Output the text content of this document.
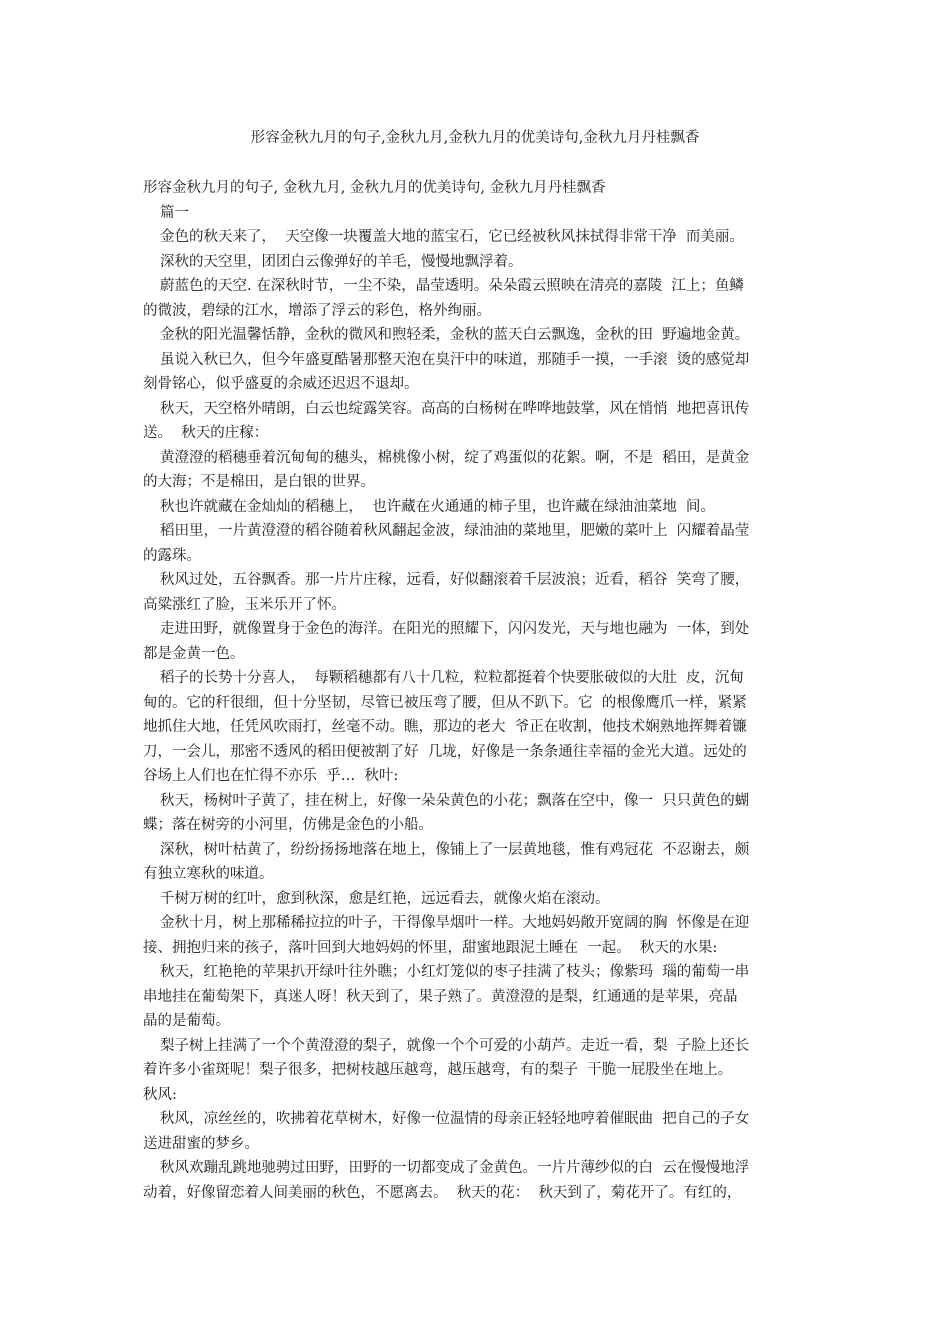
形容金秋九月的句子,金秋九月,金秋九月的优美诗句,金秋九月丹桂飘香

形容金秋九月的句子, 金秋九月, 金秋九月的优美诗句, 金秋九月丹桂飘香

篇一

金色的秋天来了，  天空像一块覆盖大地的蓝宝石，它已经被秋风抹拭得非常干净  而美丽。

深秋的天空里，团团白云像弹好的羊毛，慢慢地飘浮着。

蔚蓝色的天空. 在深秋时节，一尘不染，晶莹透明。朵朵霞云照映在清亮的嘉陵  江上；鱼鳞

的微波，碧绿的江水，增添了浮云的彩色，格外绚丽。

金秋的阳光温馨恬静，金秋的微风和煦轻柔，金秋的蓝天白云飘逸，金秋的田  野遍地金黄。

虽说入秋已久，但今年盛夏酷暑那整天泡在臭汗中的味道，那随手一摸，一手滚  烫的感觉却

刻骨铭心，似乎盛夏的余威还迟迟不退却。

秋天，天空格外晴朗，白云也绽露笑容。高高的白杨树在哗哗地鼓掌，风在悄悄  地把喜讯传

送。  秋天的庄稼：

黄澄澄的稻穗垂着沉甸甸的穗头，棉桃像小树，绽了鸡蛋似的花絮。啊，不是  稻田，是黄金

的大海；不是棉田，是白银的世界。

秋也许就藏在金灿灿的稻穗上，  也许藏在火通通的柿子里，也许藏在绿油油菜地  间。

稻田里，一片黄澄澄的稻谷随着秋风翻起金波，绿油油的菜地里，肥嫩的菜叶上  闪耀着晶莹

的露珠。

秋风过处，五谷飘香。那一片片庄稼，远看，好似翻滚着千层波浪；近看，稻谷  笑弯了腰，

高粱涨红了脸，玉米乐开了怀。

走进田野，就像置身于金色的海洋。在阳光的照耀下，闪闪发光，天与地也融为  一体，到处

都是金黄一色。

稻子的长势十分喜人，  每颗稻穗都有八十几粒，粒粒都挺着个快要胀破似的大肚  皮，沉甸

甸的。它的秆很细，但十分坚韧，尽管已被压弯了腰，但从不趴下。它  的根像鹰爪一样，紧紧

地抓住大地，任凭风吹雨打，丝毫不动。瞧，那边的老大  爷正在收割，他技术娴熟地挥舞着镰

刀，一会儿，那密不透风的稻田便被割了好  几垅，好像是一条条通往幸福的金光大道。远处的

谷场上人们也在忙得不亦乐  乎…  秋叶:

秋天，杨树叶子黄了，挂在树上，好像一朵朵黄色的小花；飘落在空中，像一  只只黄色的蝴

蝶；落在树旁的小河里，仿佛是金色的小船。

深秋，树叶枯黄了，纷纷扬扬地落在地上，像铺上了一层黄地毯，惟有鸡冠花  不忍谢去，颇

有独立寒秋的味道。

千树万树的红叶，愈到秋深，愈是红艳，远远看去，就像火焰在滚动。

金秋十月，树上那稀稀拉拉的叶子，干得像旱烟叶一样。大地妈妈敞开宽阔的胸  怀像是在迎

接、拥抱归来的孩子，落叶回到大地妈妈的怀里，甜蜜地跟泥土睡在  一起。  秋天的水果:

秋天，红艳艳的苹果扒开绿叶往外瞧；小红灯笼似的枣子挂满了枝头；像紫玛  瑙的葡萄一串

串地挂在葡萄架下，真迷人呀！秋天到了，果子熟了。黄澄澄的是梨，红通通的是苹果，亮晶

晶的是葡萄。

梨子树上挂满了一个个黄澄澄的梨子，就像一个个可爱的小葫芦。走近一看，梨  子脸上还长

着许多小雀斑呢！梨子很多，把树枝越压越弯，越压越弯，有的梨子  干脆一屁股坐在地上。

秋风:

秋风，凉丝丝的，吹拂着花草树木，好像一位温情的母亲正轻轻地哼着催眠曲  把自己的子女

送进甜蜜的梦乡。

秋风欢蹦乱跳地驰骋过田野，田野的一切都变成了金黄色。一片片薄纱似的白  云在慢慢地浮

动着，好像留恋着人间美丽的秋色，不愿离去。  秋天的花：  秋天到了，菊花开了。有红的，
